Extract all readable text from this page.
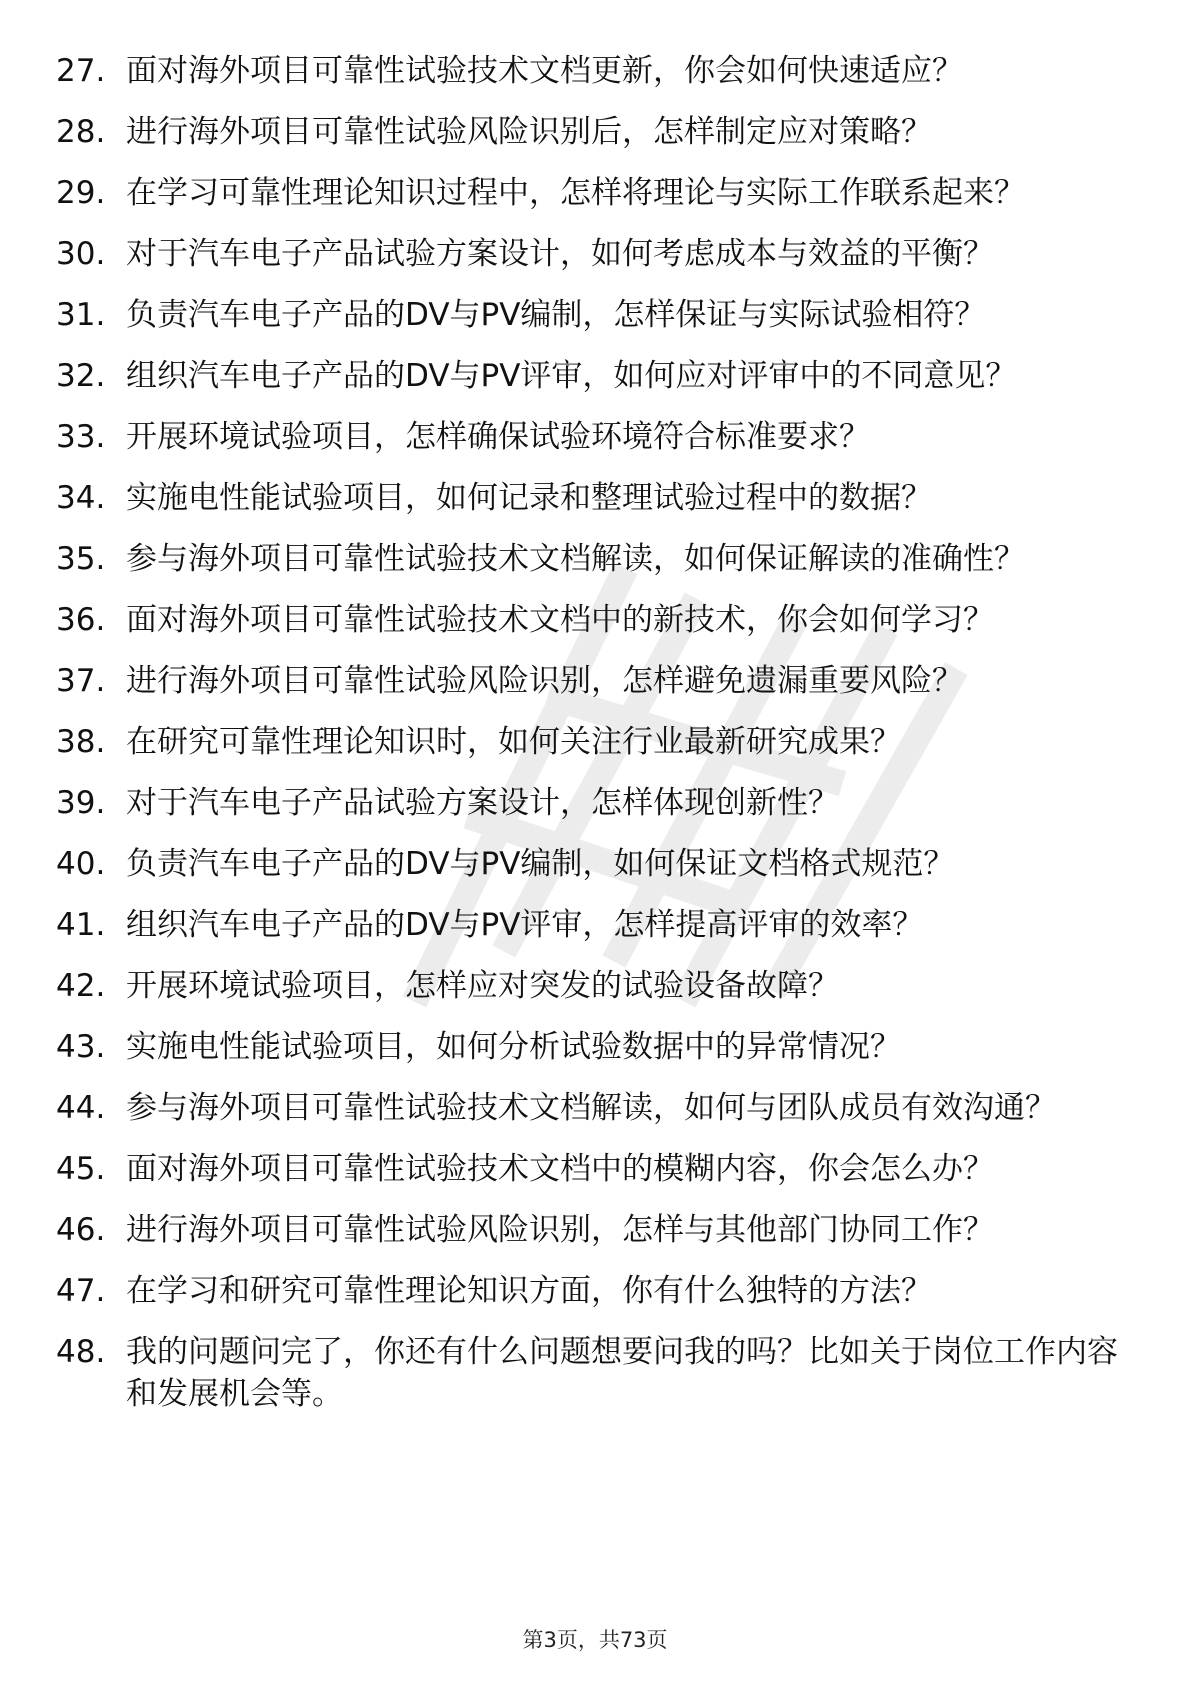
27. 面对海外项目可靠性试验技术文档更新，你会如何快速适应？
28. 进行海外项目可靠性试验风险识别后，怎样制定应对策略？
29. 在学习可靠性理论知识过程中，怎样将理论与实际工作联系起来？
30. 对于汽车电子产品试验方案设计，如何考虑成本与效益的平衡？
31. 负责汽车电子产品的DV与PV编制，怎样保证与实际试验相符？
32. 组织汽车电子产品的DV与PV评审，如何应对评审中的不同意见？
33. 开展环境试验项目，怎样确保试验环境符合标准要求？
34. 实施电性能试验项目，如何记录和整理试验过程中的数据？
35. 参与海外项目可靠性试验技术文档解读，如何保证解读的准确性？
36. 面对海外项目可靠性试验技术文档中的新技术，你会如何学习？
37. 进行海外项目可靠性试验风险识别，怎样避免遗漏重要风险？
38. 在研究可靠性理论知识时，如何关注行业最新研究成果？
39. 对于汽车电子产品试验方案设计，怎样体现创新性？
40. 负责汽车电子产品的DV与PV编制，如何保证文档格式规范？
41. 组织汽车电子产品的DV与PV评审，怎样提高评审的效率？
42. 开展环境试验项目，怎样应对突发的试验设备故障？
43. 实施电性能试验项目，如何分析试验数据中的异常情况？
44. 参与海外项目可靠性试验技术文档解读，如何与团队成员有效沟通？
45. 面对海外项目可靠性试验技术文档中的模糊内容，你会怎么办？
46. 进行海外项目可靠性试验风险识别，怎样与其他部门协同工作？
47. 在学习和研究可靠性理论知识方面，你有什么独特的方法？
48. 我的问题问完了，你还有什么问题想要问我的吗？比如关于岗位工作内容和发展机会等。
第3页，共73页
